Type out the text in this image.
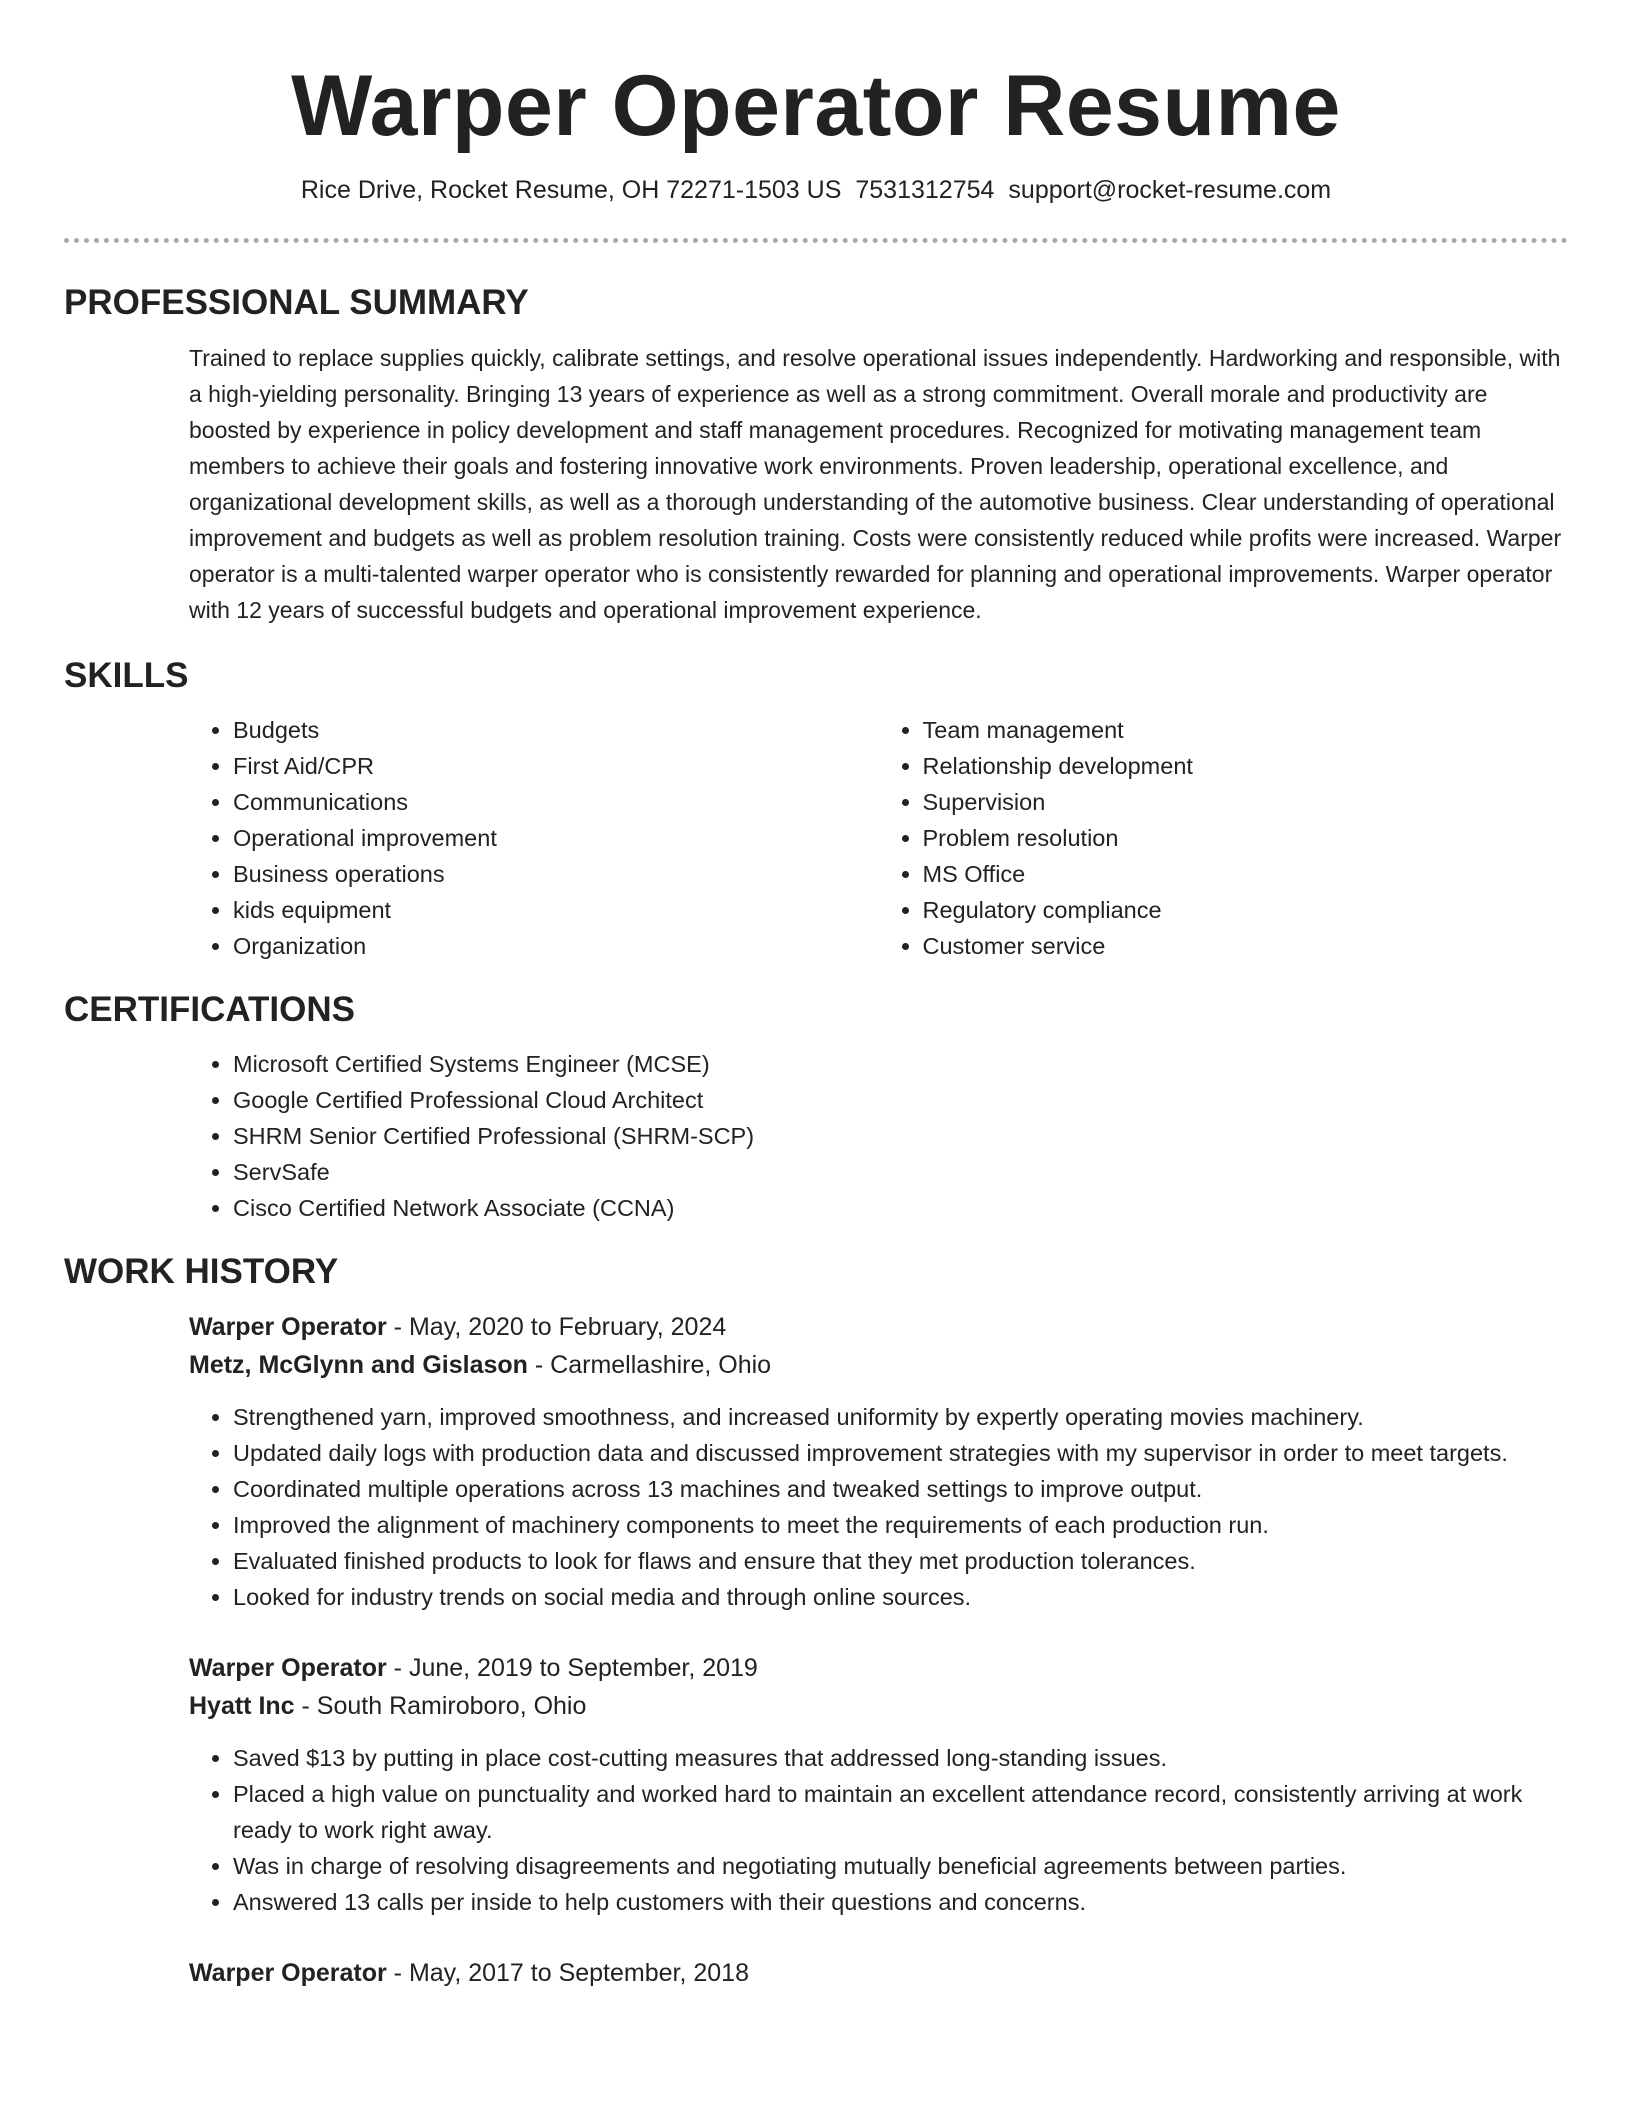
Warper Operator Resume
Rice Drive, Rocket Resume, OH 72271-1503 US 7531312754 support@rocket-resume.com
PROFESSIONAL SUMMARY

Trained to replace supplies quickly, calibrate settings, and resolve operational issues independently. Hardworking and responsible, with a high-yielding personality. Bringing 13 years of experience as well as a strong commitment. Overall morale and productivity are boosted by experience in policy development and staff management procedures. Recognized for motivating management team members to achieve their goals and fostering innovative work environments. Proven leadership, operational excellence, and organizational development skills, as well as a thorough understanding of the automotive business. Clear understanding of operational improvement and budgets as well as problem resolution training. Costs were consistently reduced while profits were increased. Warper operator is a multi-talented warper operator who is consistently rewarded for planning and operational improvements. Warper operator with 12 years of successful budgets and operational improvement experience.

SKILLS
• Budgets
• First Aid/CPR
• Communications
• Operational improvement
• Business operations
• kids equipment
• Organization
• Team management
• Relationship development
• Supervision
• Problem resolution
• MS Office
• Regulatory compliance
• Customer service
CERTIFICATIONS
• Microsoft Certified Systems Engineer (MCSE)
• Google Certified Professional Cloud Architect
• SHRM Senior Certified Professional (SHRM-SCP)
• ServSafe
• Cisco Certified Network Associate (CCNA)
WORK HISTORY
Warper Operator - May, 2020 to February, 2024
Metz, McGlynn and Gislason - Carmellashire, Ohio
• Strengthened yarn, improved smoothness, and increased uniformity by expertly operating movies machinery.
• Updated daily logs with production data and discussed improvement strategies with my supervisor in order to meet targets.
• Coordinated multiple operations across 13 machines and tweaked settings to improve output.
• Improved the alignment of machinery components to meet the requirements of each production run.
• Evaluated finished products to look for flaws and ensure that they met production tolerances.
• Looked for industry trends on social media and through online sources.
Warper Operator - June, 2019 to September, 2019
Hyatt Inc - South Ramiroboro, Ohio
• Saved $13 by putting in place cost-cutting measures that addressed long-standing issues.
• Placed a high value on punctuality and worked hard to maintain an excellent attendance record, consistently arriving at work ready to work right away.
• Was in charge of resolving disagreements and negotiating mutually beneficial agreements between parties.
• Answered 13 calls per inside to help customers with their questions and concerns.
Warper Operator - May, 2017 to September, 2018
